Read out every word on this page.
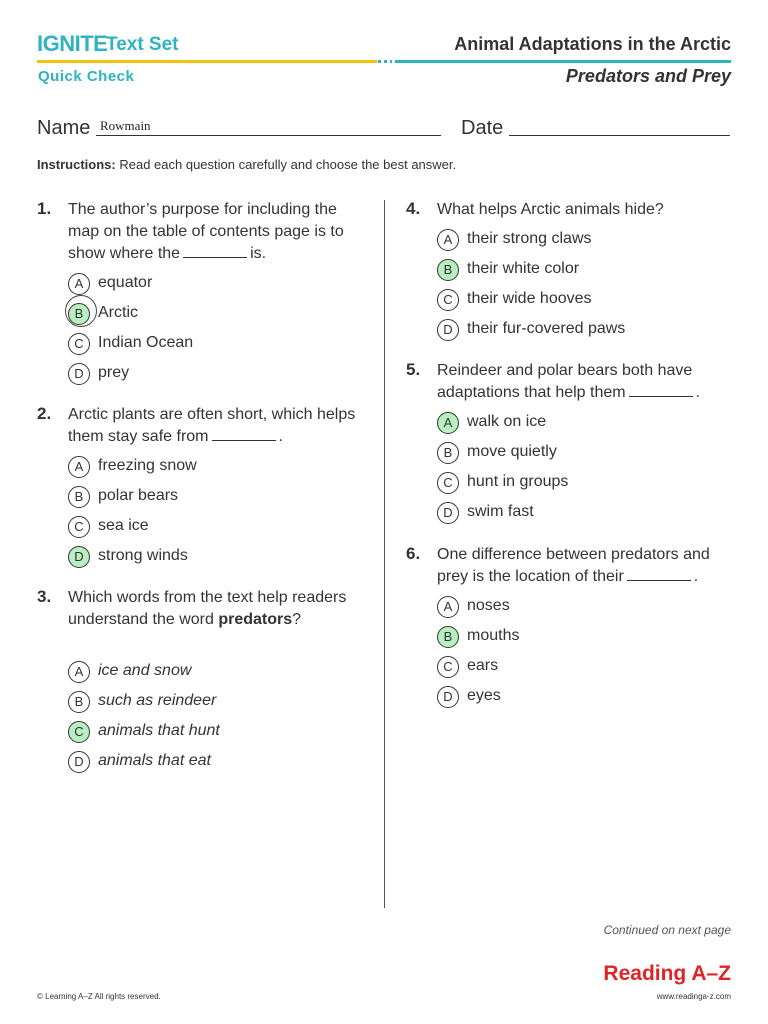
IGNITE
Text Set
Quick Check
Animal Adaptations in the Arctic
Predators and Prey
Name Rowmain	Date
Instructions: Read each question carefully and choose the best answer.
1. The author’s purpose for including the map on the table of contents page is to show where the	is.
A equator
B Arctic
C Indian Ocean
D prey
2. Arctic plants are often short, which helps them stay safe from	.
A freezing snow
B polar bears
C sea ice
D strong winds
3. Which words from the text help readers understand the word predators?
A ice and snow
B such as reindeer
C animals that hunt
D animals that eat
4. What helps Arctic animals hide?
A their strong claws
B their white color
C their wide hooves
D their fur-covered paws
5. Reindeer and polar bears both have adaptations that help them	.
A walk on ice
B move quietly
C hunt in groups
D swim fast
6. One difference between predators and prey is the location of their	.
A noses
B mouths
C ears
D eyes
Continued on next page
© Learning A–Z All rights reserved.
Reading A–Z
www.readinga-z.com
